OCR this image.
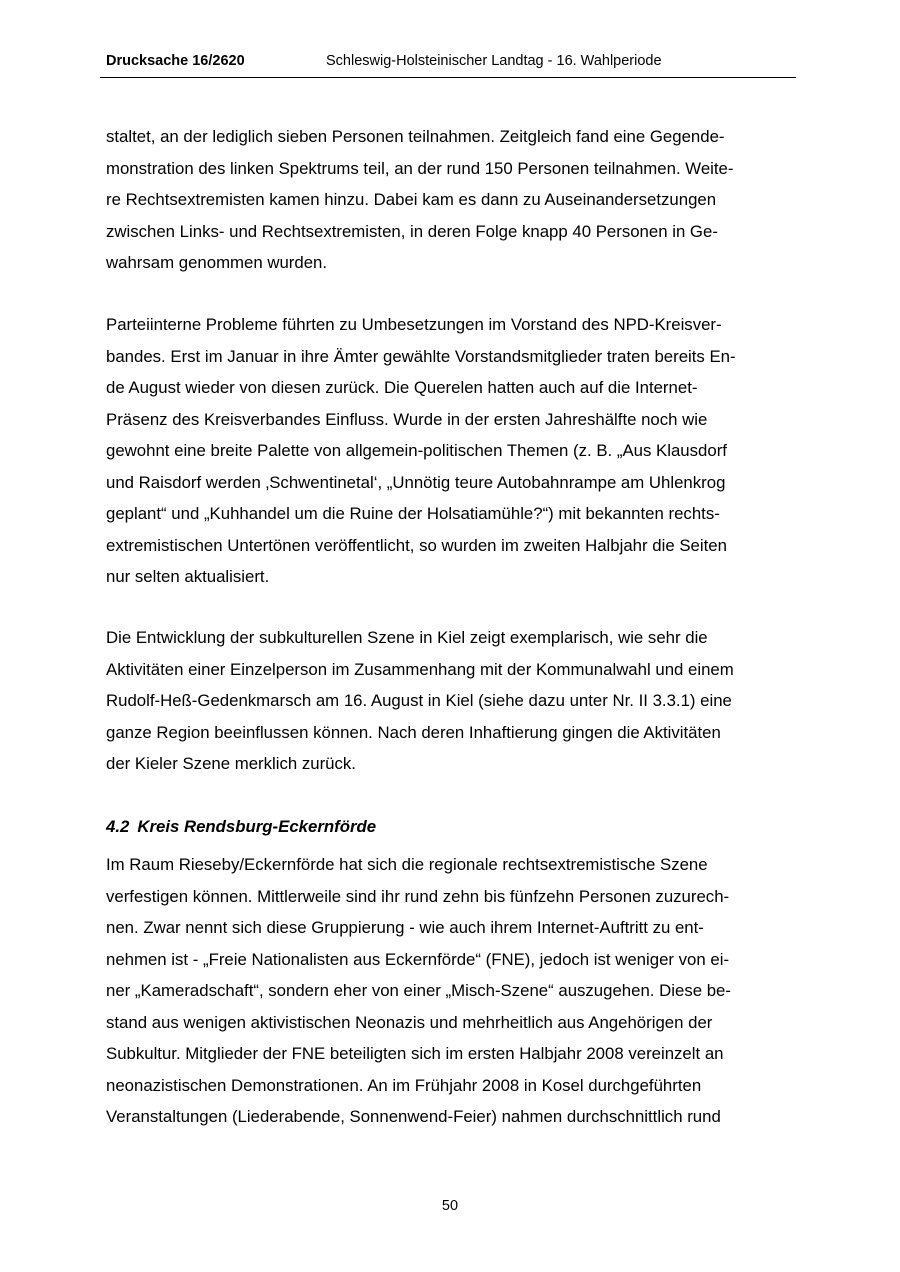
Drucksache 16/2620	Schleswig-Holsteinischer Landtag - 16. Wahlperiode
staltet, an der lediglich sieben Personen teilnahmen. Zeitgleich fand eine Gegende-
monstration des linken Spektrums teil, an der rund 150 Personen teilnahmen. Weite-
re Rechtsextremisten kamen hinzu. Dabei kam es dann zu Auseinandersetzungen
zwischen Links- und Rechtsextremisten, in deren Folge knapp 40 Personen in Ge-
wahrsam genommen wurden.
Parteiinterne Probleme führten zu Umbesetzungen im Vorstand des NPD-Kreisver-
bandes. Erst im Januar in ihre Ämter gewählte Vorstandsmitglieder traten bereits En-
de August wieder von diesen zurück. Die Querelen hatten auch auf die Internet-
Präsenz des Kreisverbandes Einfluss. Wurde in der ersten Jahreshälfte noch wie
gewohnt eine breite Palette von allgemein-politischen Themen (z. B. „Aus Klausdorf
und Raisdorf werden ‚Schwentinetal‘, „Unnötig teure Autobahnrampe am Uhlenkrog
geplant“ und „Kuhhandel um die Ruine der Holsatiamühle?“) mit bekannten rechts-
extremistischen Untertönen veröffentlicht, so wurden im zweiten Halbjahr die Seiten
nur selten aktualisiert.
Die Entwicklung der subkulturellen Szene in Kiel zeigt exemplarisch, wie sehr die
Aktivitäten einer Einzelperson im Zusammenhang mit der Kommunalwahl und einem
Rudolf-Heß-Gedenkmarsch am 16. August in Kiel (siehe dazu unter Nr. II 3.3.1) eine
ganze Region beeinflussen können. Nach deren Inhaftierung gingen die Aktivitäten
der Kieler Szene merklich zurück.
4.2 Kreis Rendsburg-Eckernförde
Im Raum Rieseby/Eckernförde hat sich die regionale rechtsextremistische Szene
verfestigen können. Mittlerweile sind ihr rund zehn bis fünfzehn Personen zuzurech-
nen. Zwar nennt sich diese Gruppierung - wie auch ihrem Internet-Auftritt zu ent-
nehmen ist - „Freie Nationalisten aus Eckernförde“ (FNE), jedoch ist weniger von ei-
ner „Kameradschaft“, sondern eher von einer „Misch-Szene“ auszugehen. Diese be-
stand aus wenigen aktivistischen Neonazis und mehrheitlich aus Angehörigen der
Subkultur. Mitglieder der FNE beteiligten sich im ersten Halbjahr 2008 vereinzelt an
neonazistischen Demonstrationen. An im Frühjahr 2008 in Kosel durchgeführten
Veranstaltungen (Liederabende, Sonnenwend-Feier) nahmen durchschnittlich rund
50
